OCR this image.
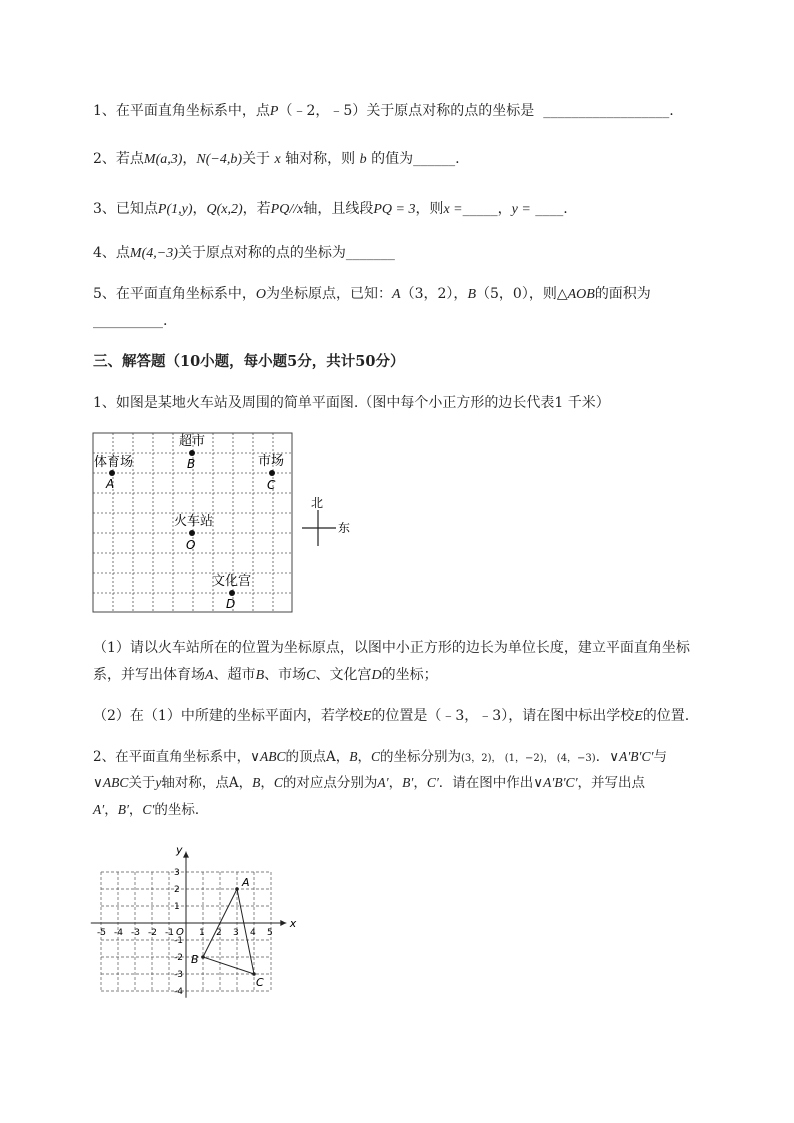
1、在平面直角坐标系中，点P（﹣2，﹣5）关于原点对称的点的坐标是 __________________.
2、若点M(a,3)，N(−4,b)关于 x 轴对称，则 b 的值为______.
3、已知点P(1,y)，Q(x,2)，若PQ//x轴，且线段PQ = 3，则x =_____，y = ____.
4、点M(4,−3)关于原点对称的点的坐标为_______
5、在平面直角坐标系中，O为坐标原点，已知：A（3，2），B（5，0），则△AOB的面积为
__________.
三、解答题（10小题，每小题5分，共计50分）
1、如图是某地火车站及周围的简单平面图.（图中每个小正方形的边长代表1 千米）
超市
B
体育场
A
市场
C
火车站
O
文化宫
D
北
东
（1）请以火车站所在的位置为坐标原点，以图中小正方形的边长为单位长度，建立平面直角坐标
系，并写出体育场A、超市B、市场C、文化宫D的坐标；
（2）在（1）中所建的坐标平面内，若学校E的位置是（﹣3，﹣3），请在图中标出学校E的位置.
2、在平面直角坐标系中，∨ABC的顶点A，B，C的坐标分别为(3，2)， (1，−2)， (4，−3)．∨A′B′C′与
∨ABC关于y轴对称，点A，B，C的对应点分别为A′，B′，C′．请在图中作出∨A′B′C′，并写出点
A′，B′，C′的坐标．
x
y
O
-5 -4 -3 -2 -1	1 2 3 4 5
3
2
1
-1
-2
-3
-4
A
B
C
